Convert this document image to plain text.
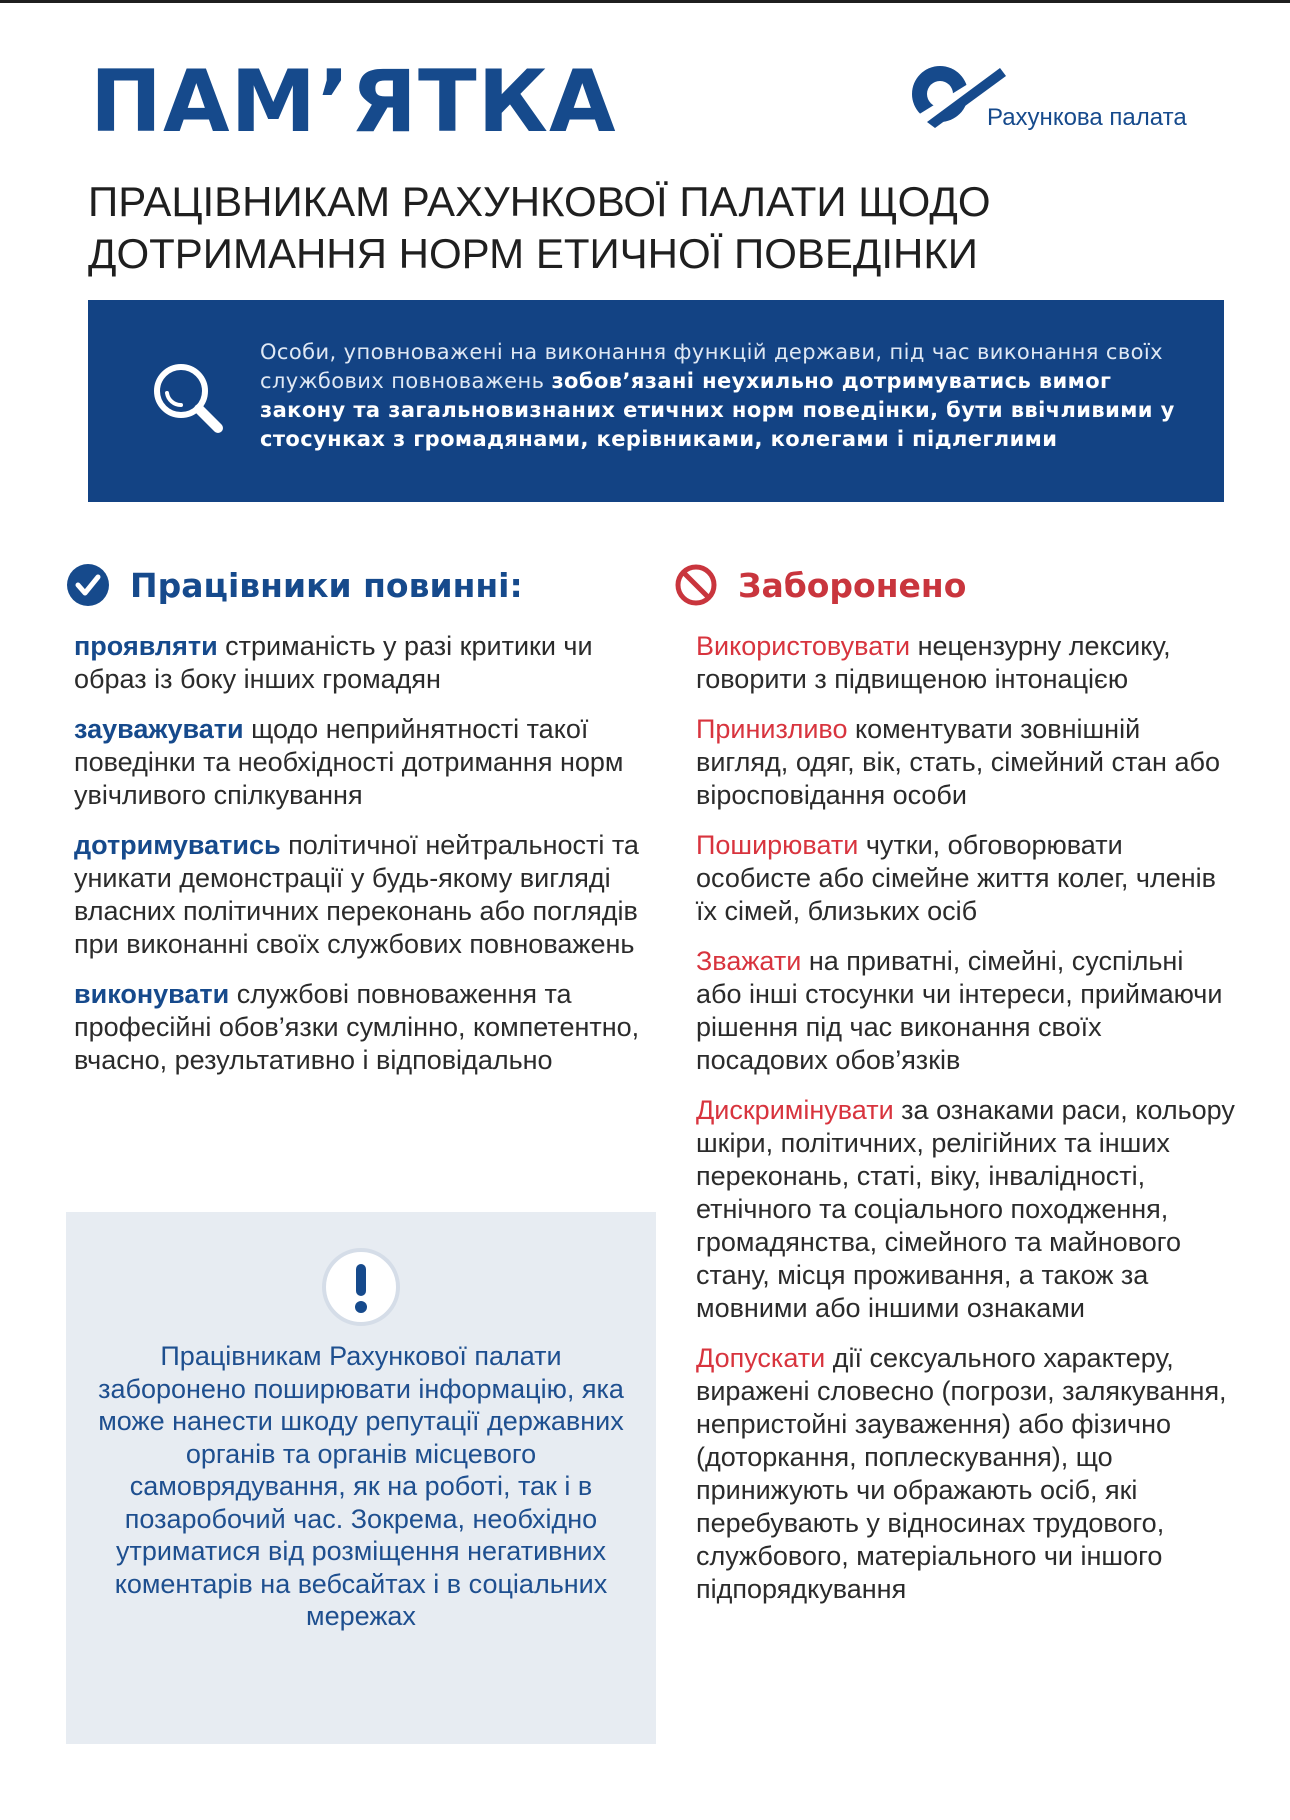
ПАМ’ЯТКА	Рахункова палата
ПРАЦІВНИКАМ РАХУНКОВОЇ ПАЛАТИ ЩОДО ДОТРИМАННЯ НОРМ ЕТИЧНОЇ ПОВЕДІНКИ
Особи, уповноважені на виконання функцій держави, під час виконання своїх службових повноважень зобов’язані неухильно дотримуватись вимог закону та загальновизнаних етичних норм поведінки, бути ввічливими у стосунках з громадянами, керівниками, колегами і підлеглими
Працівники повинні:	Заборонено

проявляти стриманість у разі критики чи образ із боку інших громадян

зауважувати щодо неприйнятності такої поведінки та необхідності дотримання норм увічливого спілкування

дотримуватись політичної нейтральності та уникати демонстрації у будь-якому вигляді власних політичних переконань або поглядів при виконанні своїх службових повноважень

виконувати службові повноваження та професійні обов’язки сумлінно, компетентно, вчасно, результативно і відповідально

Використовувати нецензурну лексику, говорити з підвищеною інтонацією

Принизливо коментувати зовнішній вигляд, одяг, вік, стать, сімейний стан або віросповідання особи

Поширювати чутки, обговорювати особисте або сімейне життя колег, членів їх сімей, близьких осіб

Зважати на приватні, сімейні, суспільні або інші стосунки чи інтереси, приймаючи рішення під час виконання своїх посадових обов’язків

Дискримінувати за ознаками раси, кольору шкіри, політичних, релігійних та інших переконань, статі, віку, інвалідності, етнічного та соціального походження, громадянства, сімейного та майнового стану, місця проживання, а також за мовними або іншими ознаками

Допускати дії сексуального характеру, виражені словесно (погрози, залякування, непристойні зауваження) або фізично (доторкання, поплескування), що принижують чи ображають осіб, які перебувають у відносинах трудового, службового, матеріального чи іншого підпорядкування

Працівникам Рахункової палати заборонено поширювати інформацію, яка може нанести шкоду репутації державних органів та органів місцевого самоврядування, як на роботі, так і в позаробочий час. Зокрема, необхідно утриматися від розміщення негативних коментарів на вебсайтах і в соціальних мережах
